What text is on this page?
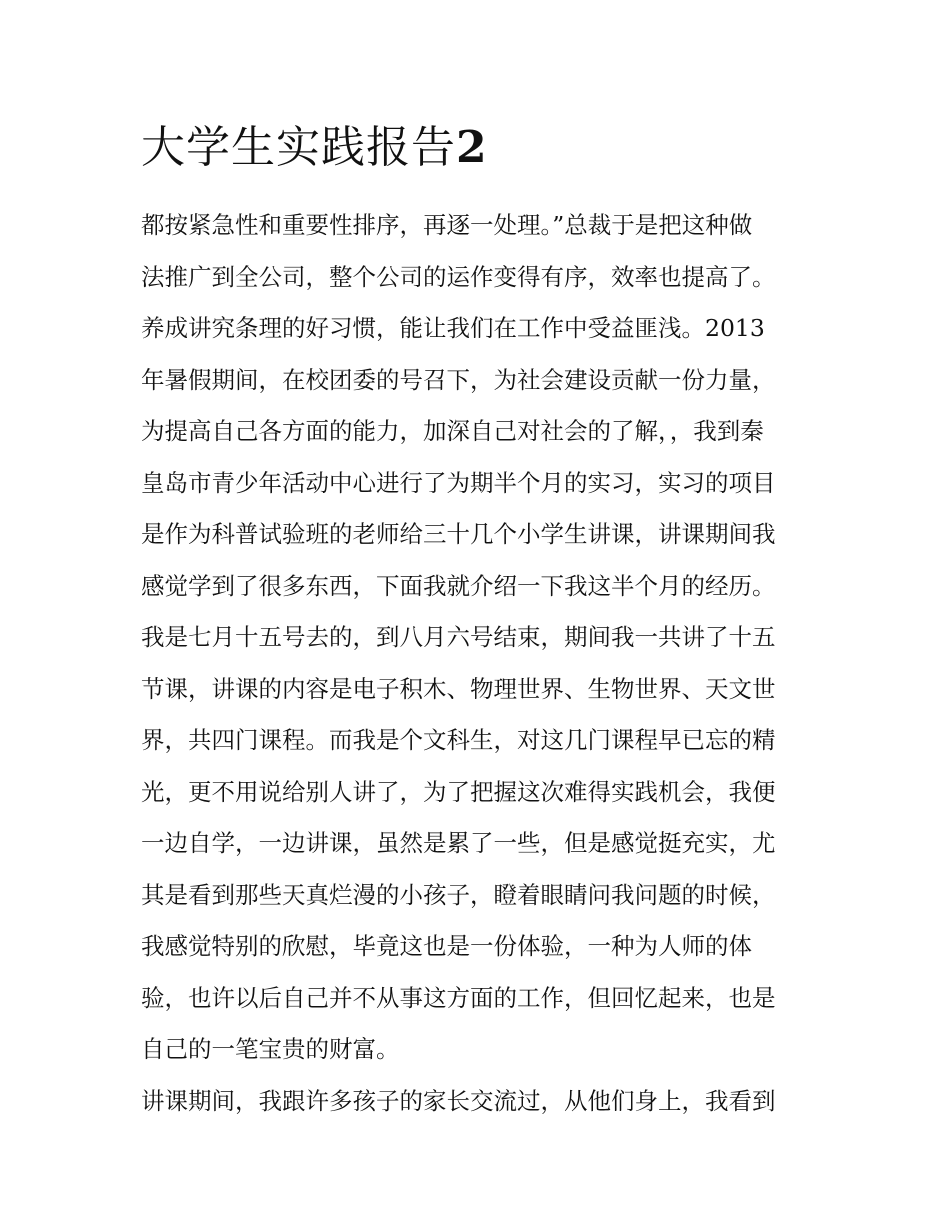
大学生实践报告2
都按紧急性和重要性排序，再逐一处理。”总裁于是把这种做
法推广到全公司，整个公司的运作变得有序，效率也提高了。
养成讲究条理的好习惯，能让我们在工作中受益匪浅。2013
年暑假期间，在校团委的号召下，为社会建设贡献一份力量，
为提高自己各方面的能力，加深自己对社会的了解，，我到秦
皇岛市青少年活动中心进行了为期半个月的实习，实习的项目
是作为科普试验班的老师给三十几个小学生讲课，讲课期间我
感觉学到了很多东西，下面我就介绍一下我这半个月的经历。
我是七月十五号去的，到八月六号结束，期间我一共讲了十五
节课，讲课的内容是电子积木、物理世界、生物世界、天文世
界，共四门课程。而我是个文科生，对这几门课程早已忘的精
光，更不用说给别人讲了，为了把握这次难得实践机会，我便
一边自学，一边讲课，虽然是累了一些，但是感觉挺充实，尤
其是看到那些天真烂漫的小孩子，瞪着眼睛问我问题的时候，
我感觉特别的欣慰，毕竟这也是一份体验，一种为人师的体
验，也许以后自己并不从事这方面的工作，但回忆起来，也是
自己的一笔宝贵的财富。
讲课期间，我跟许多孩子的家长交流过，从他们身上，我看到
